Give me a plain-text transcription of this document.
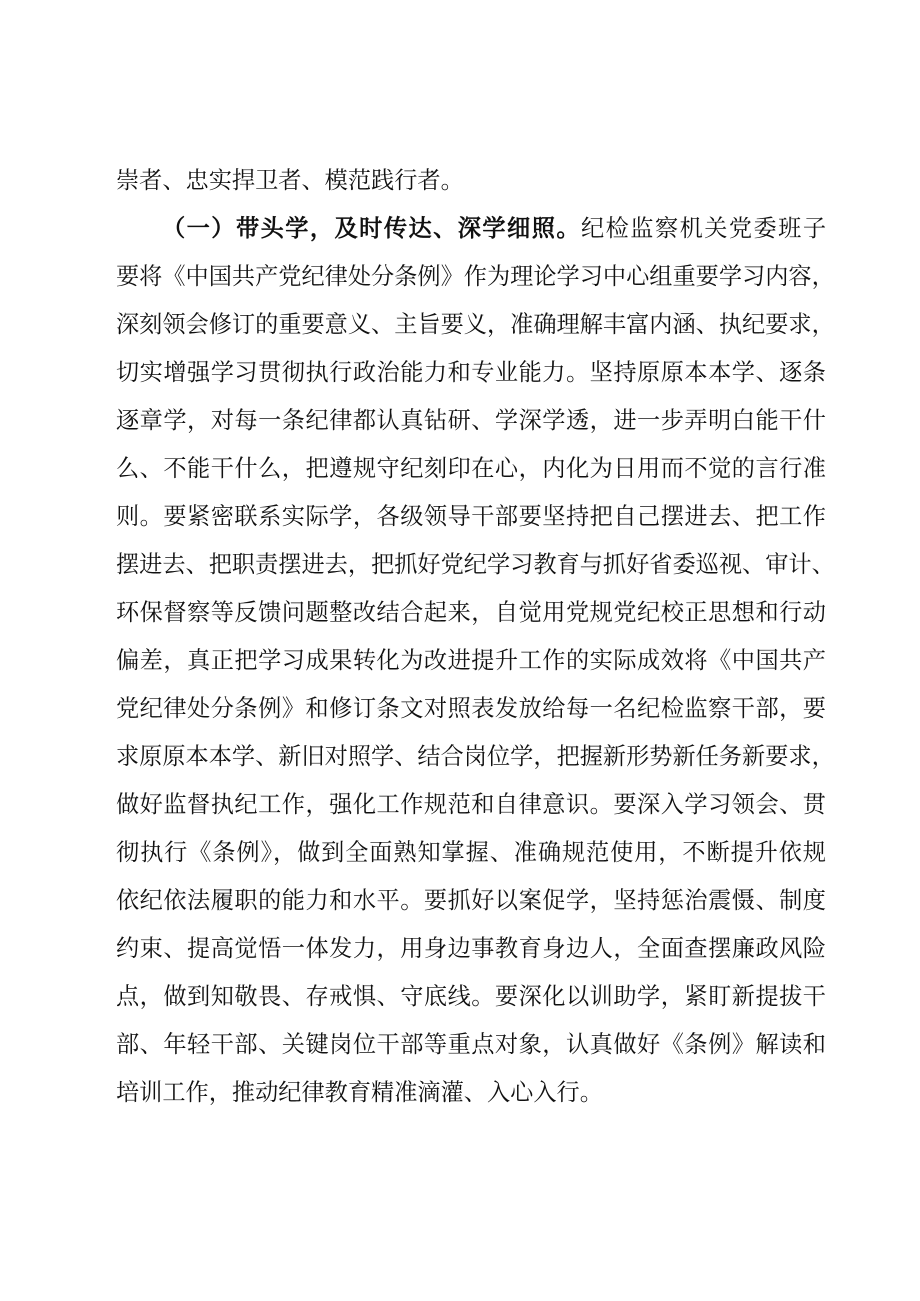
崇者、忠实捍卫者、模范践行者。
（一）带头学，及时传达、深学细照。纪检监察机关党委班子
要将《中国共产党纪律处分条例》作为理论学习中心组重要学习内容，
深刻领会修订的重要意义、主旨要义，准确理解丰富内涵、执纪要求，
切实增强学习贯彻执行政治能力和专业能力。坚持原原本本学、逐条
逐章学，对每一条纪律都认真钻研、学深学透，进一步弄明白能干什
么、不能干什么，把遵规守纪刻印在心，内化为日用而不觉的言行准
则。要紧密联系实际学，各级领导干部要坚持把自己摆进去、把工作
摆进去、把职责摆进去，把抓好党纪学习教育与抓好省委巡视、审计、
环保督察等反馈问题整改结合起来，自觉用党规党纪校正思想和行动
偏差，真正把学习成果转化为改进提升工作的实际成效将《中国共产
党纪律处分条例》和修订条文对照表发放给每一名纪检监察干部，要
求原原本本学、新旧对照学、结合岗位学，把握新形势新任务新要求，
做好监督执纪工作，强化工作规范和自律意识。要深入学习领会、贯
彻执行《条例》，做到全面熟知掌握、准确规范使用，不断提升依规
依纪依法履职的能力和水平。要抓好以案促学，坚持惩治震慑、制度
约束、提高觉悟一体发力，用身边事教育身边人，全面查摆廉政风险
点，做到知敬畏、存戒惧、守底线。要深化以训助学，紧盯新提拔干
部、年轻干部、关键岗位干部等重点对象，认真做好《条例》解读和
培训工作，推动纪律教育精准滴灌、入心入行。
